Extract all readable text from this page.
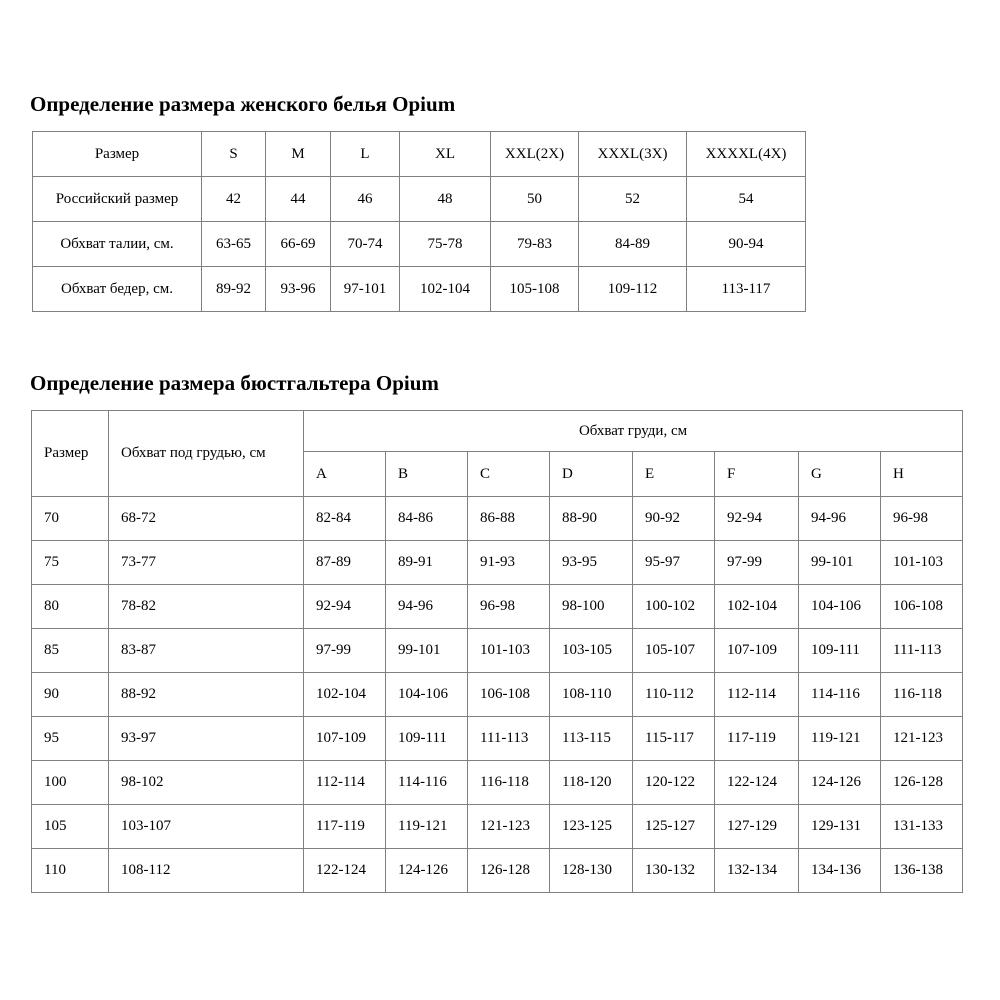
Определение размера женского белья Opium
Размер	S	M	L	XL	XXL(2X)	XXXL(3X)	XXXXL(4X)
Российский размер	42	44	46	48	50	52	54
Обхват талии, см.	63-65	66-69	70-74	75-78	79-83	84-89	90-94
Обхват бедер, см.	89-92	93-96	97-101	102-104	105-108	109-112	113-117
Определение размера бюстгальтера Opium
Размер	Обхват под грудью, см	Обхват груди, см							
		A	B	C	D	E	F	G	H
70	68-72	82-84	84-86	86-88	88-90	90-92	92-94	94-96	96-98
75	73-77	87-89	89-91	91-93	93-95	95-97	97-99	99-101	101-103
80	78-82	92-94	94-96	96-98	98-100	100-102	102-104	104-106	106-108
85	83-87	97-99	99-101	101-103	103-105	105-107	107-109	109-111	111-113
90	88-92	102-104	104-106	106-108	108-110	110-112	112-114	114-116	116-118
95	93-97	107-109	109-111	111-113	113-115	115-117	117-119	119-121	121-123
100	98-102	112-114	114-116	116-118	118-120	120-122	122-124	124-126	126-128
105	103-107	117-119	119-121	121-123	123-125	125-127	127-129	129-131	131-133
110	108-112	122-124	124-126	126-128	128-130	130-132	132-134	134-136	136-138
